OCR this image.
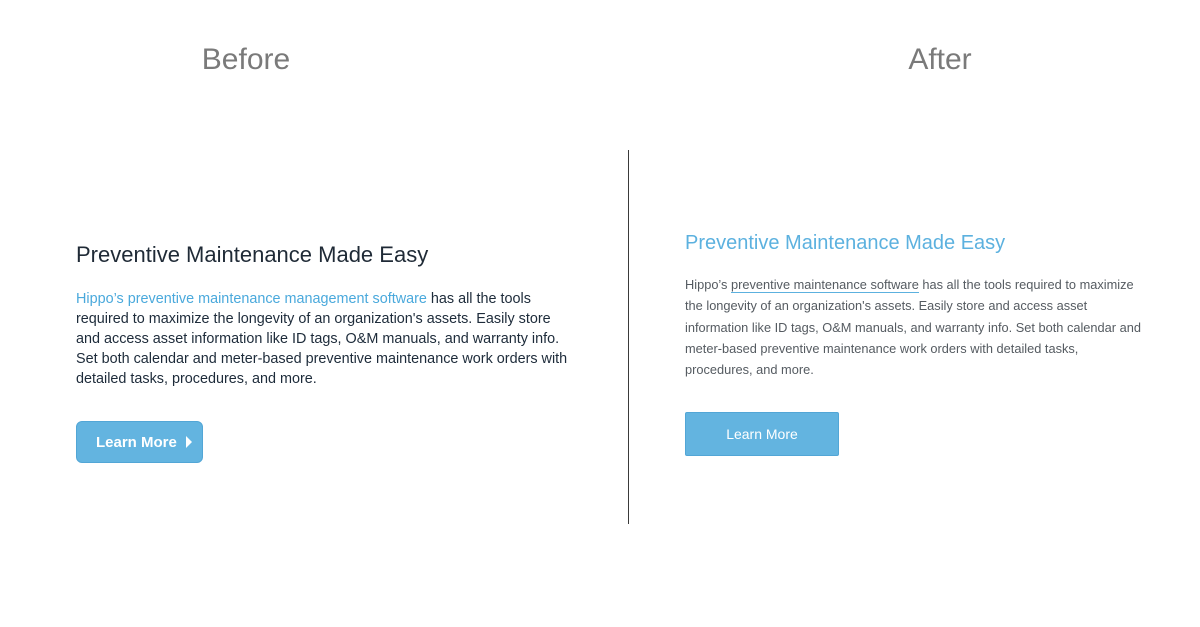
Before	After
Preventive Maintenance Made Easy

Hippo’s preventive maintenance management software has all the tools required to maximize the longevity of an organization's assets. Easily store and access asset information like ID tags, O&M manuals, and warranty info. Set both calendar and meter-based preventive maintenance work orders with detailed tasks, procedures, and more.

Learn More
Preventive Maintenance Made Easy

Hippo’s preventive maintenance software has all the tools required to maximize the longevity of an organization's assets. Easily store and access asset information like ID tags, O&M manuals, and warranty info. Set both calendar and meter-based preventive maintenance work orders with detailed tasks, procedures, and more.

Learn More
